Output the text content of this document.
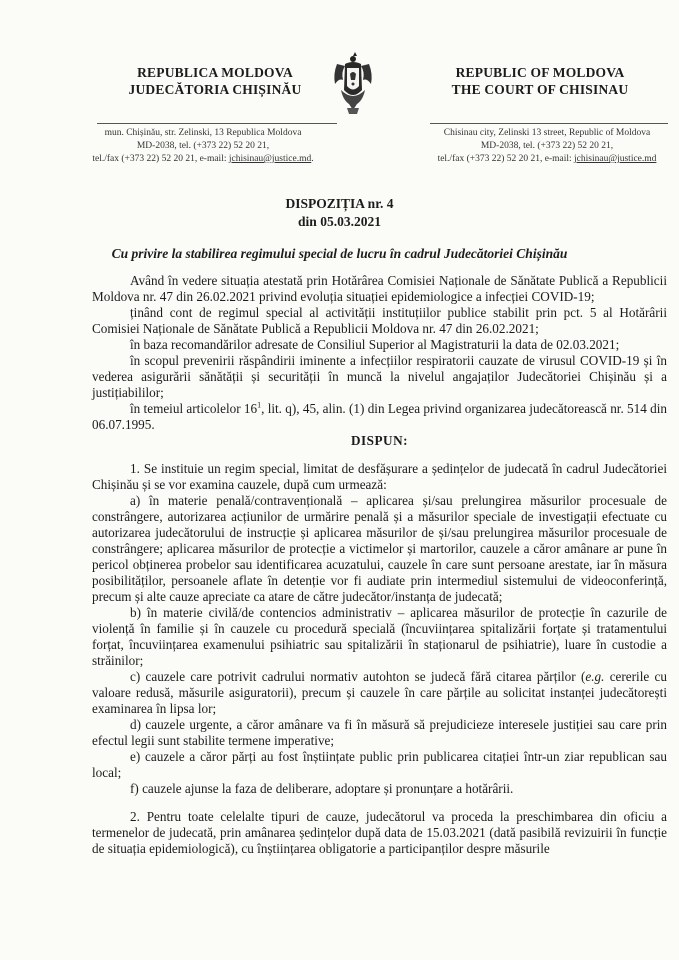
REPUBLICA MOLDOVA
JUDECĂTORIA CHIȘINĂU
REPUBLIC OF MOLDOVA
THE COURT OF CHISINAU
mun. Chișinău, str. Zelinski, 13 Republica Moldova
MD-2038, tel. (+373 22) 52 20 21,
tel./fax (+373 22) 52 20 21, e-mail: jchisinau@justice.md.
Chisinau city, Zelinski 13 street, Republic of Moldova
MD-2038, tel. (+373 22) 52 20 21,
tel./fax (+373 22) 52 20 21, e-mail: jchisinau@justice.md
DISPOZIȚIA nr. 4
din 05.03.2021
Cu privire la stabilirea regimului special de lucru în cadrul Judecătoriei Chișinău

Având în vedere situația atestată prin Hotărârea Comisiei Naționale de Sănătate Publică a Republicii Moldova nr. 47 din 26.02.2021 privind evoluția situației epidemiologice a infecției COVID-19;

ținând cont de regimul special al activității instituțiilor publice stabilit prin pct. 5 al Hotărârii Comisiei Naționale de Sănătate Publică a Republicii Moldova nr. 47 din 26.02.2021;

în baza recomandărilor adresate de Consiliul Superior al Magistraturii la data de 02.03.2021;

în scopul prevenirii răspândirii iminente a infecțiilor respiratorii cauzate de virusul COVID-19 și în vederea asigurării sănătății și securității în muncă la nivelul angajaților Judecătoriei Chișinău și a justițiabililor;

în temeiul articolelor $16^1$, lit. q), 45, alin. (1) din Legea privind organizarea judecătorească nr. 514 din 06.07.1995.

DISPUN:

1. Se instituie un regim special, limitat de desfășurare a ședințelor de judecată în cadrul Judecătoriei Chișinău și se vor examina cauzele, după cum urmează:

a) în materie penală/contravențională – aplicarea și/sau prelungirea măsurilor procesuale de constrângere, autorizarea acțiunilor de urmărire penală și a măsurilor speciale de investigații efectuate cu autorizarea judecătorului de instrucție și aplicarea măsurilor de și/sau prelungirea măsurilor procesuale de constrângere; aplicarea măsurilor de protecție a victimelor și martorilor, cauzele a căror amânare ar pune în pericol obținerea probelor sau identificarea acuzatului, cauzele în care sunt persoane arestate, iar în măsura posibilităților, persoanele aflate în detenție vor fi audiate prin intermediul sistemului de videoconferință, precum și alte cauze apreciate ca atare de către judecător/instanța de judecată;

b) în materie civilă/de contencios administrativ – aplicarea măsurilor de protecție în cazurile de violență în familie și în cauzele cu procedură specială (încuviințarea spitalizării forțate și tratamentului forțat, încuviințarea examenului psihiatric sau spitalizării în staționarul de psihiatrie), luare în custodie a străinilor;

c) cauzele care potrivit cadrului normativ autohton se judecă fără citarea părților (e.g. cererile cu valoare redusă, măsurile asiguratorii), precum și cauzele în care părțile au solicitat instanței judecătorești examinarea în lipsa lor;

d) cauzele urgente, a căror amânare va fi în măsură să prejudicieze interesele justiției sau care prin efectul legii sunt stabilite termene imperative;

e) cauzele a căror părți au fost înștiințate public prin publicarea citației într-un ziar republican sau local;

f) cauzele ajunse la faza de deliberare, adoptare și pronunțare a hotărârii.

2. Pentru toate celelalte tipuri de cauze, judecătorul va proceda la preschimbarea din oficiu a termenelor de judecată, prin amânarea ședințelor după data de 15.03.2021 (dată pasibilă revizuirii în funcție de situația epidemiologică), cu înștiințarea obligatorie a participanților despre măsurile
